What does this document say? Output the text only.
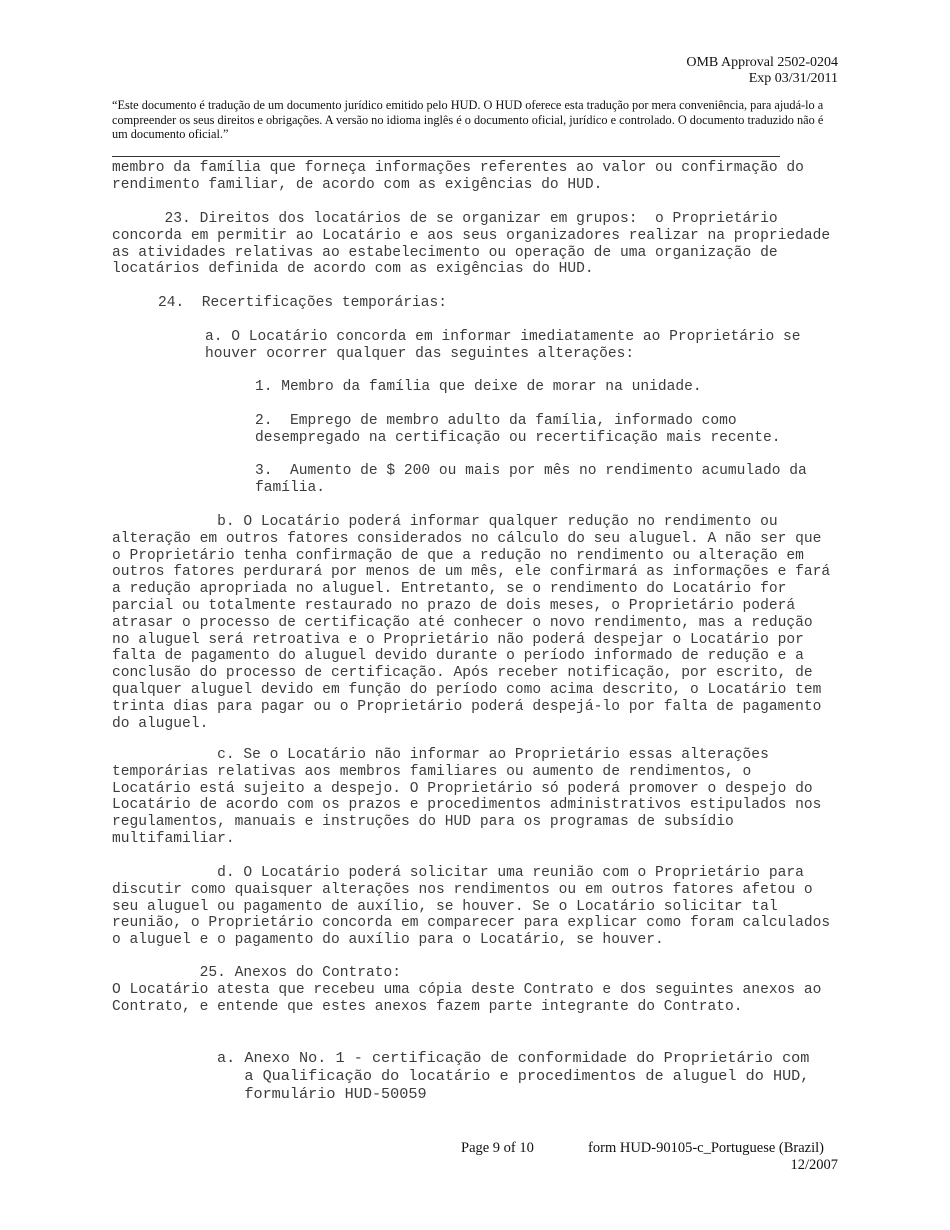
OMB Approval 2502-0204
Exp 03/31/2011
“Este documento é tradução de um documento jurídico emitido pelo HUD. O HUD oferece esta tradução por mera conveniência, para ajudá-lo a compreender os seus direitos e obrigações. A versão no idioma inglês é o documento oficial, jurídico e controlado. O documento traduzido não é um documento oficial.”

membro da família que forneça informações referentes ao valor ou confirmação do
rendimento familiar, de acordo com as exigências do HUD.

23. Direitos dos locatários de se organizar em grupos:  o Proprietário
concorda em permitir ao Locatário e aos seus organizadores realizar na propriedade
as atividades relativas ao estabelecimento ou operação de uma organização de
locatários definida de acordo com as exigências do HUD.

24.  Recertificações temporárias:

a. O Locatário concorda em informar imediatamente ao Proprietário se
houver ocorrer qualquer das seguintes alterações:

1. Membro da família que deixe de morar na unidade.

2.  Emprego de membro adulto da família, informado como
desempregado na certificação ou recertificação mais recente.

3.  Aumento de $ 200 ou mais por mês no rendimento acumulado da
família.

b. O Locatário poderá informar qualquer redução no rendimento ou
alteração em outros fatores considerados no cálculo do seu aluguel. A não ser que
o Proprietário tenha confirmação de que a redução no rendimento ou alteração em
outros fatores perdurará por menos de um mês, ele confirmará as informações e fará
a redução apropriada no aluguel. Entretanto, se o rendimento do Locatário for
parcial ou totalmente restaurado no prazo de dois meses, o Proprietário poderá
atrasar o processo de certificação até conhecer o novo rendimento, mas a redução
no aluguel será retroativa e o Proprietário não poderá despejar o Locatário por
falta de pagamento do aluguel devido durante o período informado de redução e a
conclusão do processo de certificação. Após receber notificação, por escrito, de
qualquer aluguel devido em função do período como acima descrito, o Locatário tem
trinta dias para pagar ou o Proprietário poderá despejá-lo por falta de pagamento
do aluguel.

c. Se o Locatário não informar ao Proprietário essas alterações
temporárias relativas aos membros familiares ou aumento de rendimentos, o
Locatário está sujeito a despejo. O Proprietário só poderá promover o despejo do
Locatário de acordo com os prazos e procedimentos administrativos estipulados nos
regulamentos, manuais e instruções do HUD para os programas de subsídio
multifamiliar.

d. O Locatário poderá solicitar uma reunião com o Proprietário para
discutir como quaisquer alterações nos rendimentos ou em outros fatores afetou o
seu aluguel ou pagamento de auxílio, se houver. Se o Locatário solicitar tal
reunião, o Proprietário concorda em comparecer para explicar como foram calculados
o aluguel e o pagamento do auxílio para o Locatário, se houver.

25. Anexos do Contrato:
O Locatário atesta que recebeu uma cópia deste Contrato e dos seguintes anexos ao
Contrato, e entende que estes anexos fazem parte integrante do Contrato.

a. Anexo No. 1 - certificação de conformidade do Proprietário com
a Qualificação do locatário e procedimentos de aluguel do HUD,
formulário HUD-50059

Page 9 of 10	form HUD-90105-c_Portuguese (Brazil)
12/2007
